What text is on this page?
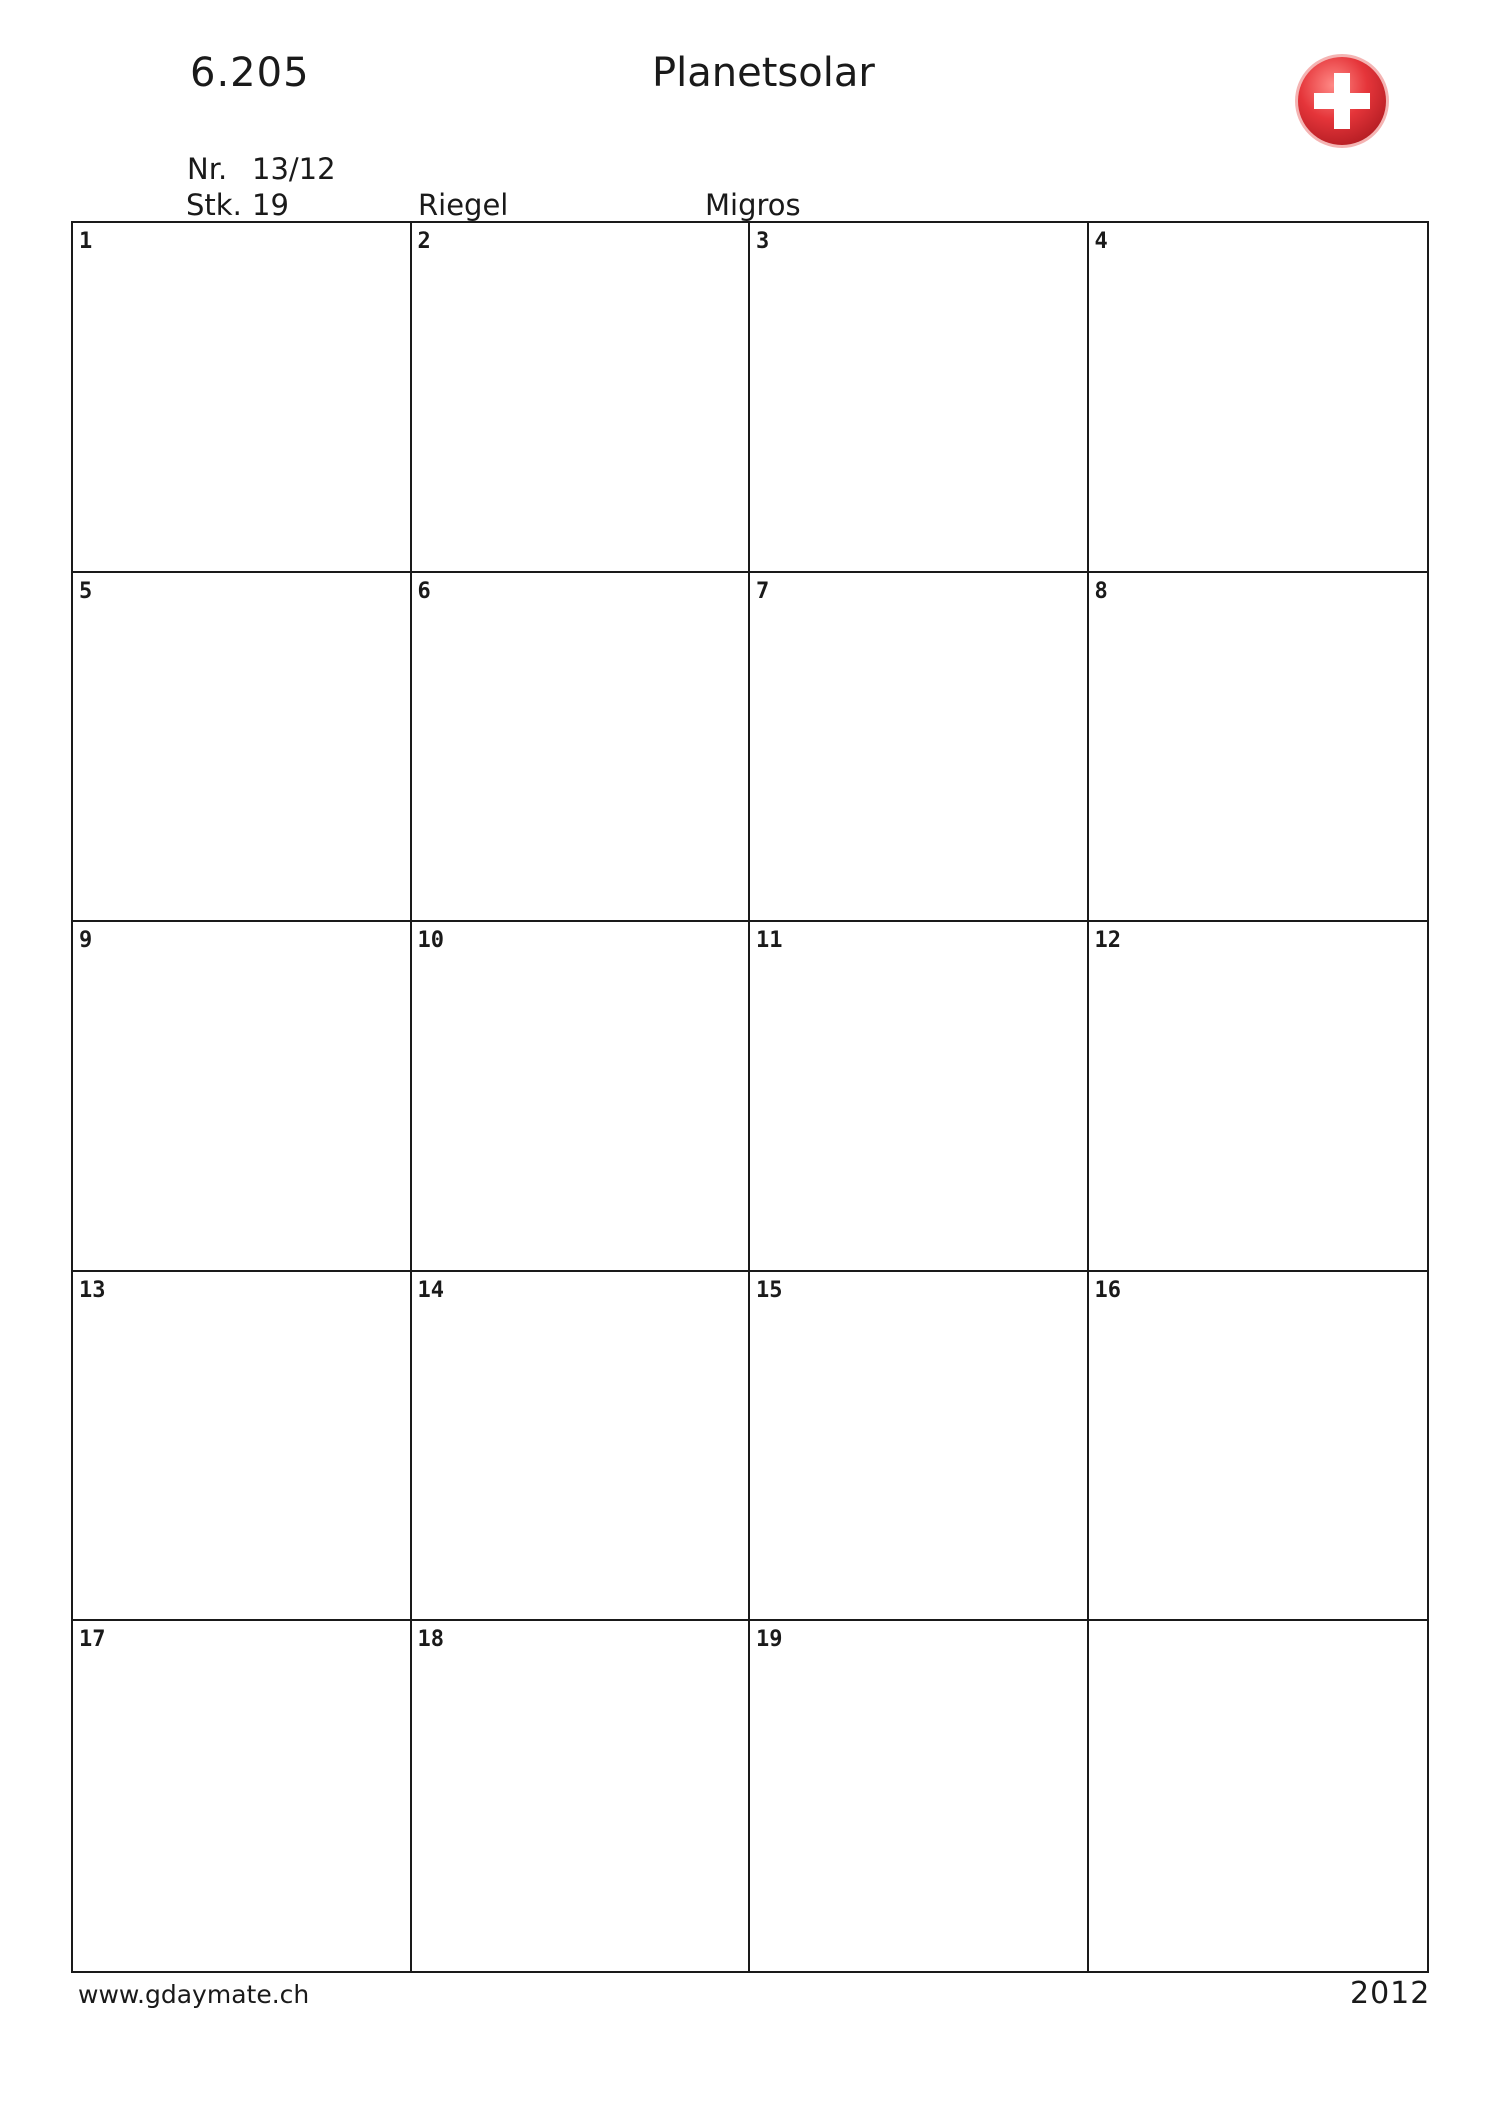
6.205	Planetsolar
Nr. 13/12
Stk. 19	Riegel	Migros
1	2	3	4
5	6	7	8
9	10	11	12
13	14	15	16
17	18	19
www.gdaymate.ch	2012
